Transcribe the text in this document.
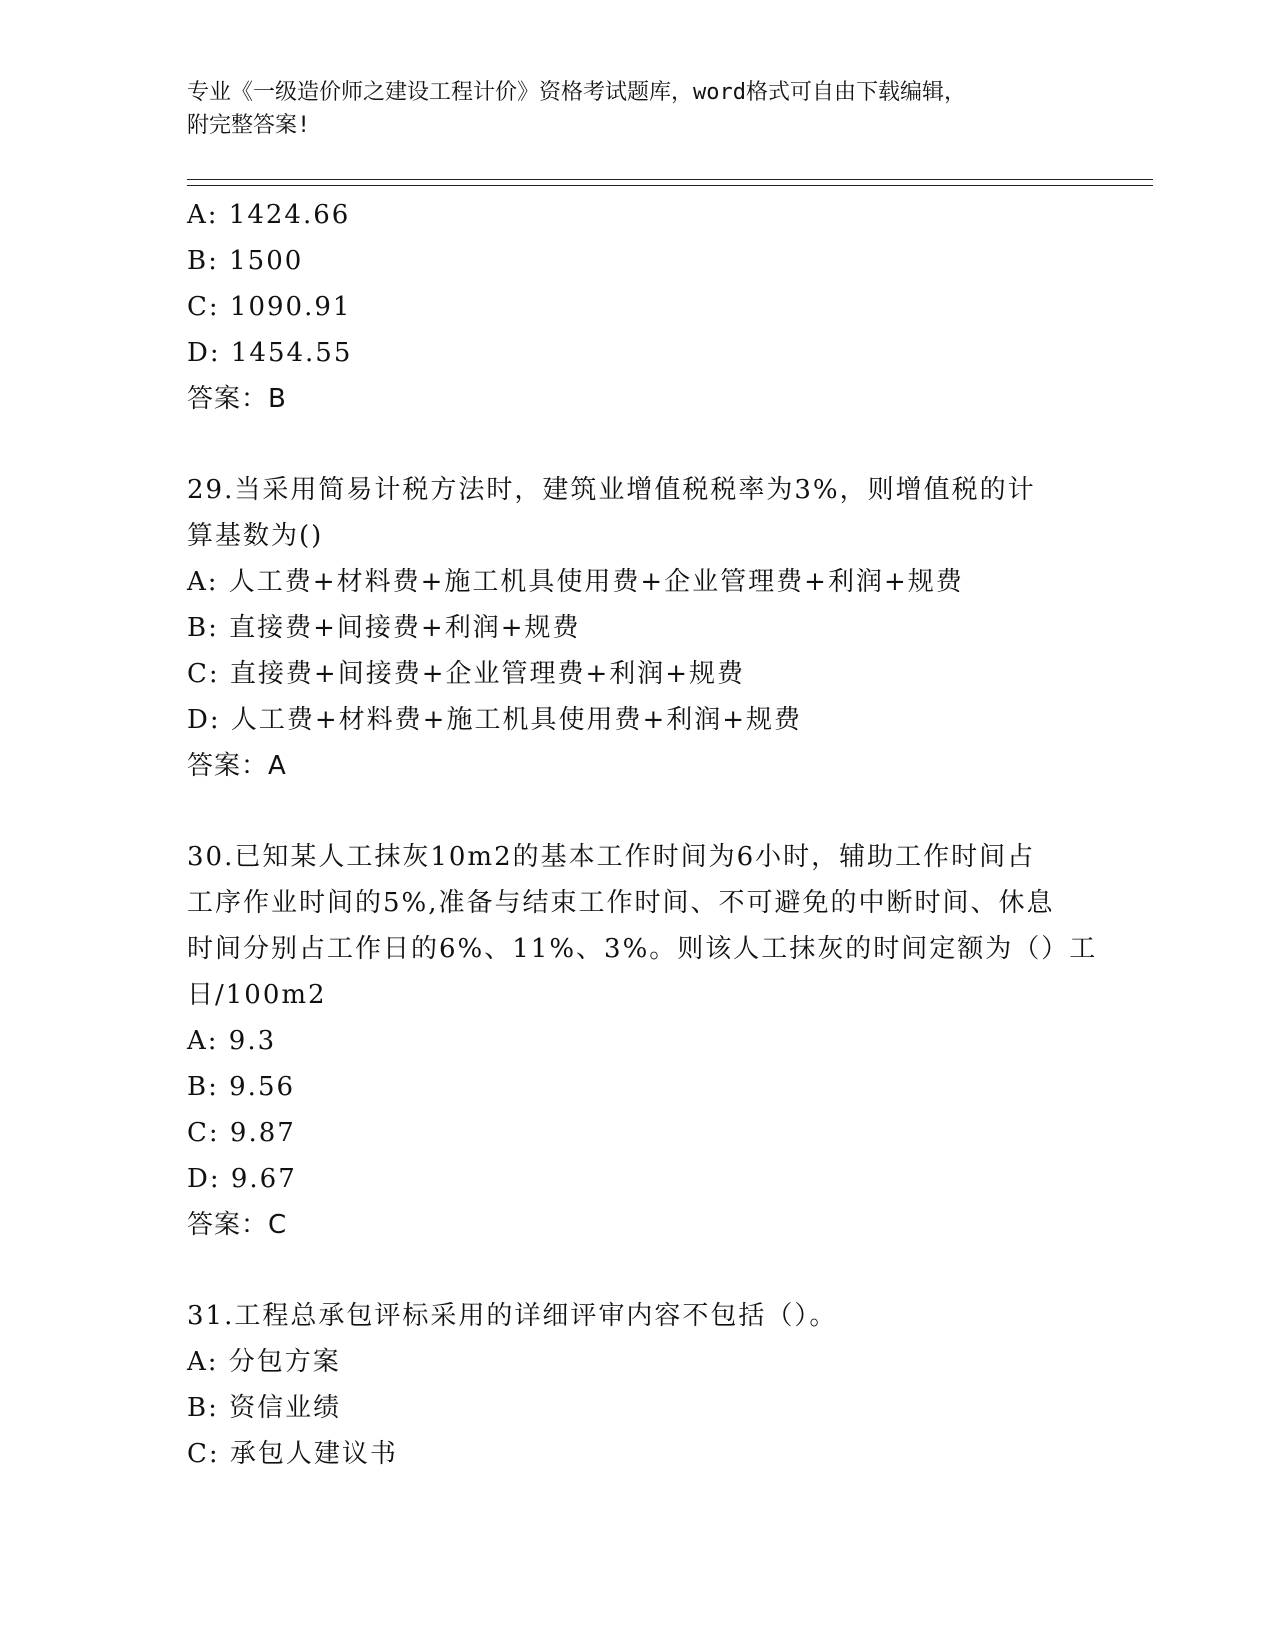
专业《一级造价师之建设工程计价》资格考试题库，word格式可自由下载编辑，
附完整答案!
A: 1424.66
B: 1500
C: 1090.91
D: 1454.55
答案：B
29.当采用简易计税方法时，建筑业增值税税率为3%，则增值税的计
算基数为()
A: 人工费+材料费+施工机具使用费+企业管理费+利润+规费
B: 直接费+间接费+利润+规费
C: 直接费+间接费+企业管理费+利润+规费
D: 人工费+材料费+施工机具使用费+利润+规费
答案：A
30.已知某人工抹灰10m2的基本工作时间为6小时，辅助工作时间占
工序作业时间的5%,准备与结束工作时间、不可避免的中断时间、休息
时间分别占工作日的6%、11%、3%。则该人工抹灰的时间定额为（）工
日/100m2
A: 9.3
B: 9.56
C: 9.87
D: 9.67
答案：C
31.工程总承包评标采用的详细评审内容不包括（）。
A: 分包方案
B: 资信业绩
C: 承包人建议书
